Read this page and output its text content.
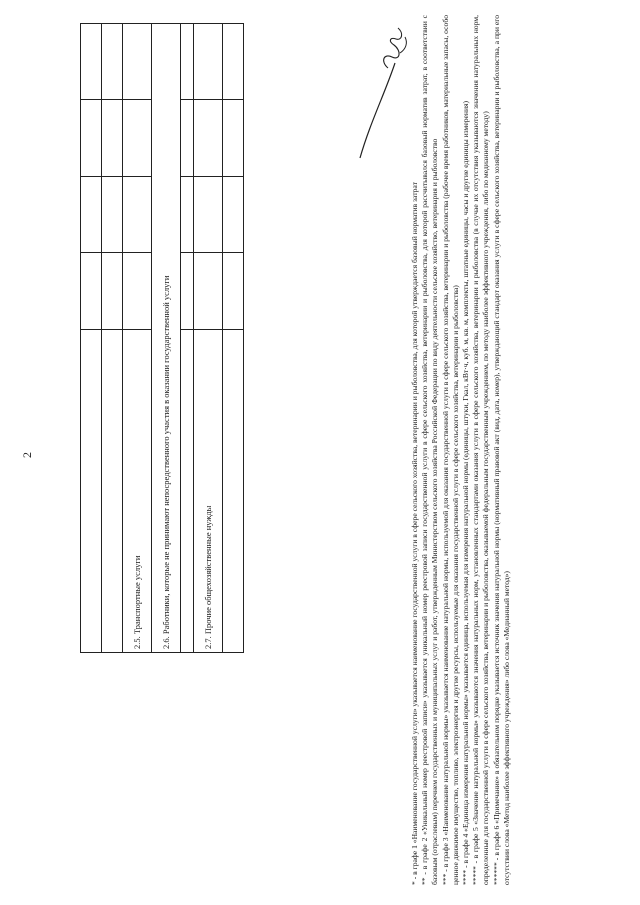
2

2.5. Транспортные услуги				
2.6. Работники, которые не принимают непосредственного участия в оказании государственной услуги				

2.7. Прочие общехозяйственные нужды				
					* - в графе 1 «Наименование государственной услуги» указывается наименование государственной услуги в сфере сельского хозяйства, ветеринарии и рыболовства, для которой утверждается базовый норматив затрат ** - в графе 2 «Уникальный номер реестровой записи» указывается уникальный номер реестровой записи государственной услуги в сфере сельского хозяйства, ветеринарии и рыболовства, для которой рассчитывался базовый норматив затрат, в соответствии с базовым (отраслевым) перечнем государственных и муниципальных услуг и работ, утвержденным Министерством сельского хозяйства Российской Федерации по виду деятельности сельское хозяйство, ветеринария и рыболовство *** - в графе 3 «Наименование натуральной нормы» указывается наименование натуральной нормы, используемой для оказания государственной услуги в сфере сельского хозяйства, ветеринарии и рыболовства (рабочее время работников, материальные запасы, особо ценное движимое имущество, топливо, электроэнергия и другие ресурсы, используемые для оказания государственной услуги в сфере сельского хозяйства, ветеринарии и рыболовства) **** - в графе 4 «Единица измерения натуральной нормы» указывается единица, используемая для измерения натуральной нормы (единицы, штуки, Гкал, кВт·ч, куб. м, кв. м, комплекты, штатные единицы, часы и другие единицы измерения) ***** - в графе 5 «Значение натуральной нормы» указываются значения натуральных норм, установленных стандартами оказания услуги в сфере сельского хозяйства, ветеринарии и рыболовства (в случае их отсутствия указываются значения натуральных норм, определенные для государственной услуги в сфере сельского хозяйства, ветеринарии и рыболовства, оказываемой федеральным государственным учреждением, по методу наиболее эффективного учреждения, либо по медианному методу) ****** - в графе 6 «Примечание» в обязательном порядке указывается источник значения натуральной нормы (нормативный правовой акт (вид, дата, номер), утверждающий стандарт оказания услуги в сфере сельского хозяйства, ветеринарии и рыболовства, а при его отсутствии слова «Метод наиболее эффективного учреждения» либо слова «Медианный метод»)
